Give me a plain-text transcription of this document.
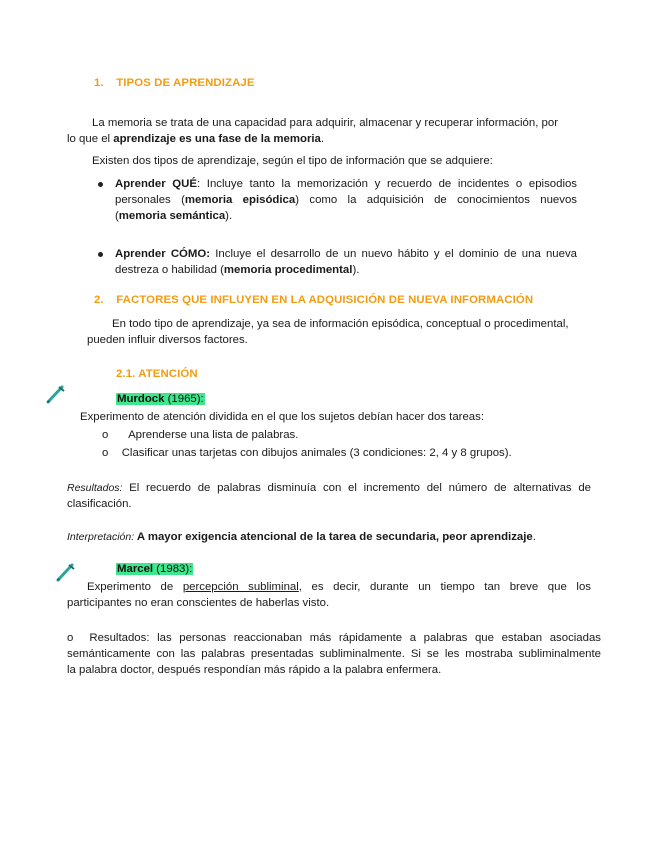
1. TIPOS DE APRENDIZAJE
La memoria se trata de una capacidad para adquirir, almacenar y recuperar información, por
lo que el aprendizaje es una fase de la memoria.
Existen dos tipos de aprendizaje, según el tipo de información que se adquiere:
Aprender QUÉ: Incluye tanto la memorización y recuerdo de incidentes o episodios
personales (memoria episódica) como la adquisición de conocimientos nuevos
(memoria semántica).
Aprender CÓMO: Incluye el desarrollo de un nuevo hábito y el dominio de una nueva
destreza o habilidad (memoria procedimental).
2. FACTORES QUE INFLUYEN EN LA ADQUISICIÓN DE NUEVA INFORMACIÓN
En todo tipo de aprendizaje, ya sea de información episódica, conceptual o procedimental,
pueden influir diversos factores.
2.1. ATENCIÓN
Murdock (1965):
Experimento de atención dividida en el que los sujetos debían hacer dos tareas:
o Aprenderse una lista de palabras.
o Clasificar unas tarjetas con dibujos animales (3 condiciones: 2, 4 y 8 grupos).
Resultados: El recuerdo de palabras disminuía con el incremento del número de alternativas de
clasificación.
Interpretación: A mayor exigencia atencional de la tarea de secundaria, peor aprendizaje.
Marcel (1983):
Experimento de percepción subliminal, es decir, durante un tiempo tan breve que los
participantes no eran conscientes de haberlas visto.
o Resultados: las personas reaccionaban más rápidamente a palabras que estaban asociadas
semánticamente con las palabras presentadas subliminalmente. Si se les mostraba subliminalmente
la palabra doctor, después respondían más rápido a la palabra enfermera.
